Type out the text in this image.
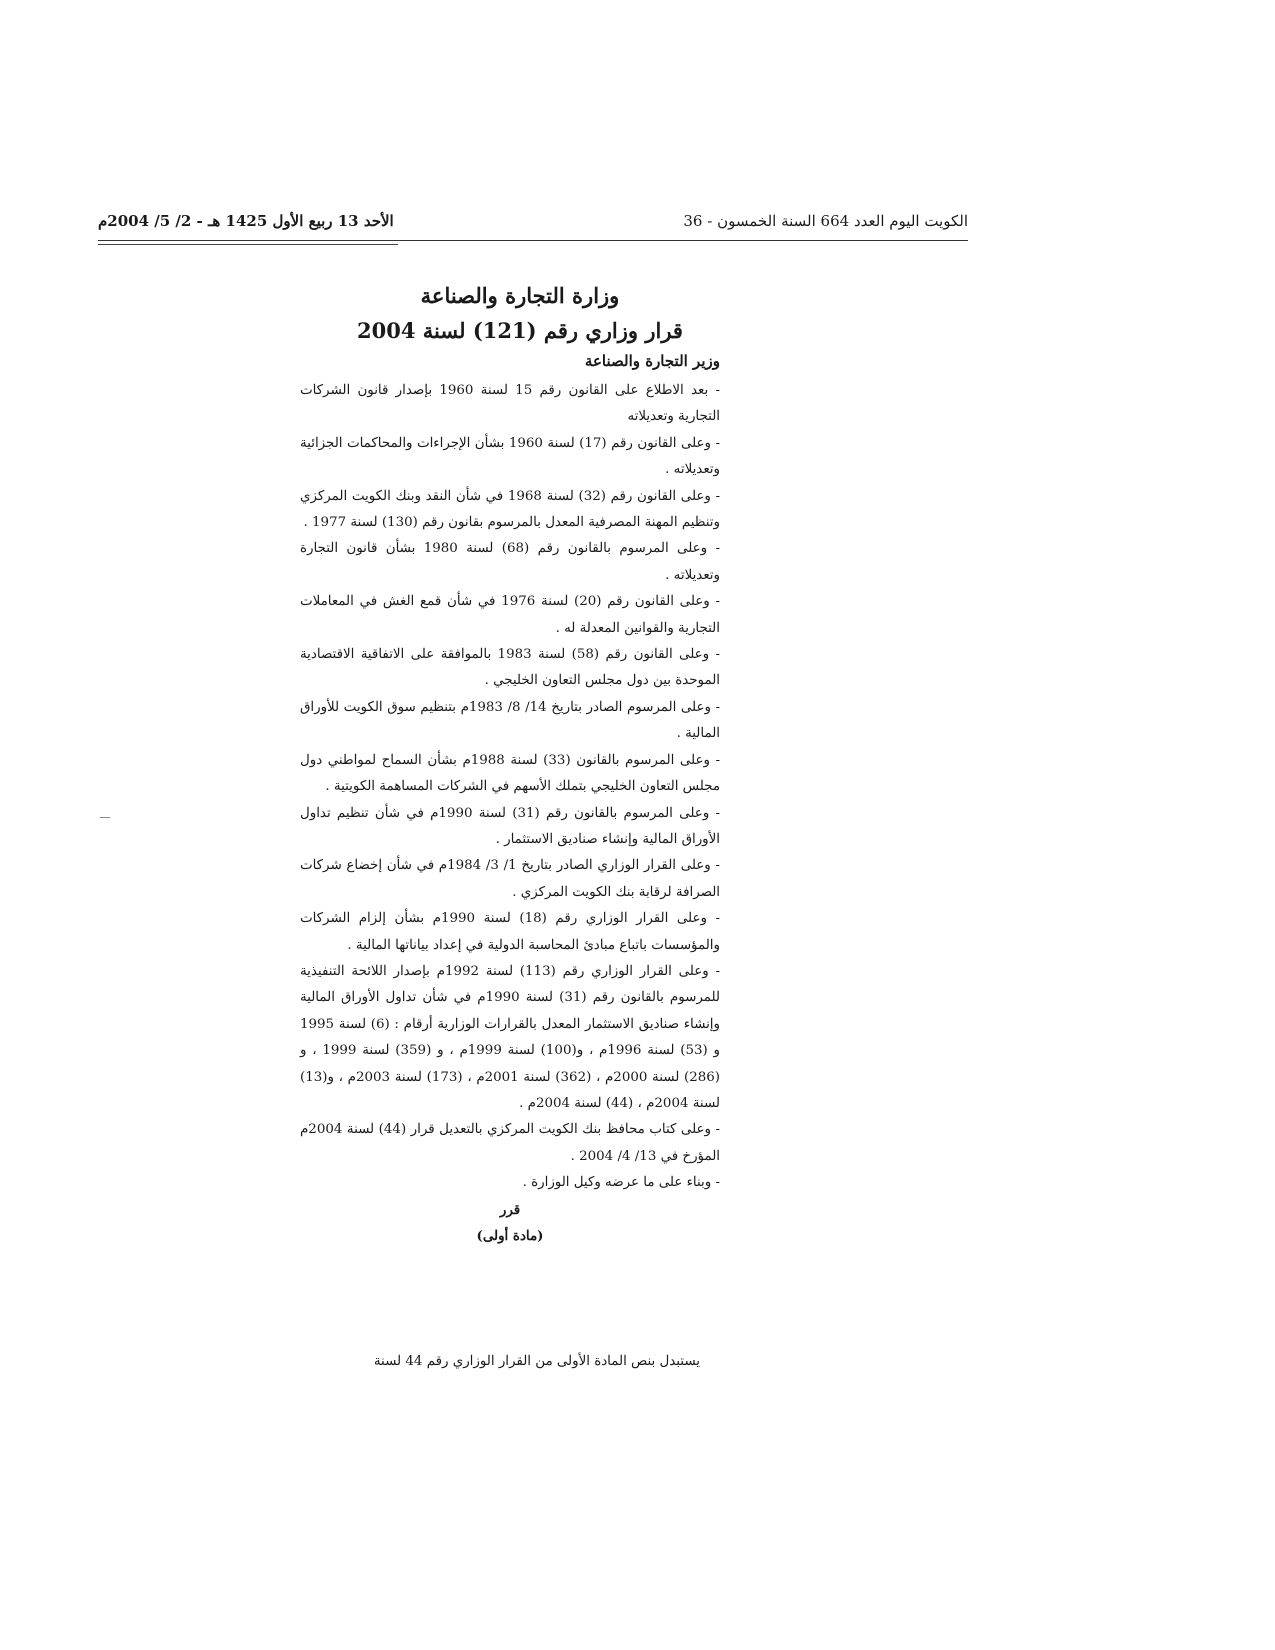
الكويت اليوم العدد 664 السنة الخمسون - 36
الأحد 13 ربيع الأول 1425 هـ - 2/ 5/ 2004م
وزارة التجارة والصناعة
قرار وزاري رقم (121) لسنة 2004
وزير التجارة والصناعة

- بعد الاطلاع على القانون رقم 15 لسنة 1960 بإصدار قانون الشركات التجارية وتعديلاته

- وعلى القانون رقم (17) لسنة 1960 بشأن الإجراءات والمحاكمات الجزائية وتعديلاته .

- وعلى القانون رقم (32) لسنة 1968 في شأن النقد وبنك الكويت المركزي وتنظيم المهنة المصرفية المعدل بالمرسوم بقانون رقم (130) لسنة 1977 .

- وعلى المرسوم بالقانون رقم (68) لسنة 1980 بشأن قانون التجارة وتعديلاته .

- وعلى القانون رقم (20) لسنة 1976 في شأن قمع الغش في المعاملات التجارية والقوانين المعدلة له .

- وعلى القانون رقم (58) لسنة 1983 بالموافقة على الاتفاقية الاقتصادية الموحدة بين دول مجلس التعاون الخليجي .

- وعلى المرسوم الصادر بتاريخ 14/ 8/ 1983م بتنظيم سوق الكويت للأوراق المالية .

- وعلى المرسوم بالقانون (33) لسنة 1988م بشأن السماح لمواطني دول مجلس التعاون الخليجي بتملك الأسهم في الشركات المساهمة الكويتية .

- وعلى المرسوم بالقانون رقم (31) لسنة 1990م في شأن تنظيم تداول الأوراق المالية وإنشاء صناديق الاستثمار .

- وعلى القرار الوزاري الصادر بتاريخ 1/ 3/ 1984م في شأن إخضاع شركات الصرافة لرقابة بنك الكويت المركزي .

- وعلى القرار الوزاري رقم (18) لسنة 1990م بشأن إلزام الشركات والمؤسسات باتباع مبادئ المحاسبة الدولية في إعداد بياناتها المالية .

- وعلى القرار الوزاري رقم (113) لسنة 1992م بإصدار اللائحة التنفيذية للمرسوم بالقانون رقم (31) لسنة 1990م في شأن تداول الأوراق المالية وإنشاء صناديق الاستثمار المعدل بالقرارات الوزارية أرقام : (6) لسنة 1995 و (53) لسنة 1996م ، و(100) لسنة 1999م ، و (359) لسنة 1999 ، و (286) لسنة 2000م ، (362) لسنة 2001م ، (173) لسنة 2003م ، و(13) لسنة 2004م ، (44) لسنة 2004م .

- وعلى كتاب محافظ بنك الكويت المركزي بالتعديل قرار (44) لسنة 2004م المؤرخ في 13/ 4/ 2004 .

- وبناء على ما عرضه وكيل الوزارة .

قرر

(مادة أولى)

يستبدل بنص المادة الأولى من القرار الوزاري رقم 44 لسنة
